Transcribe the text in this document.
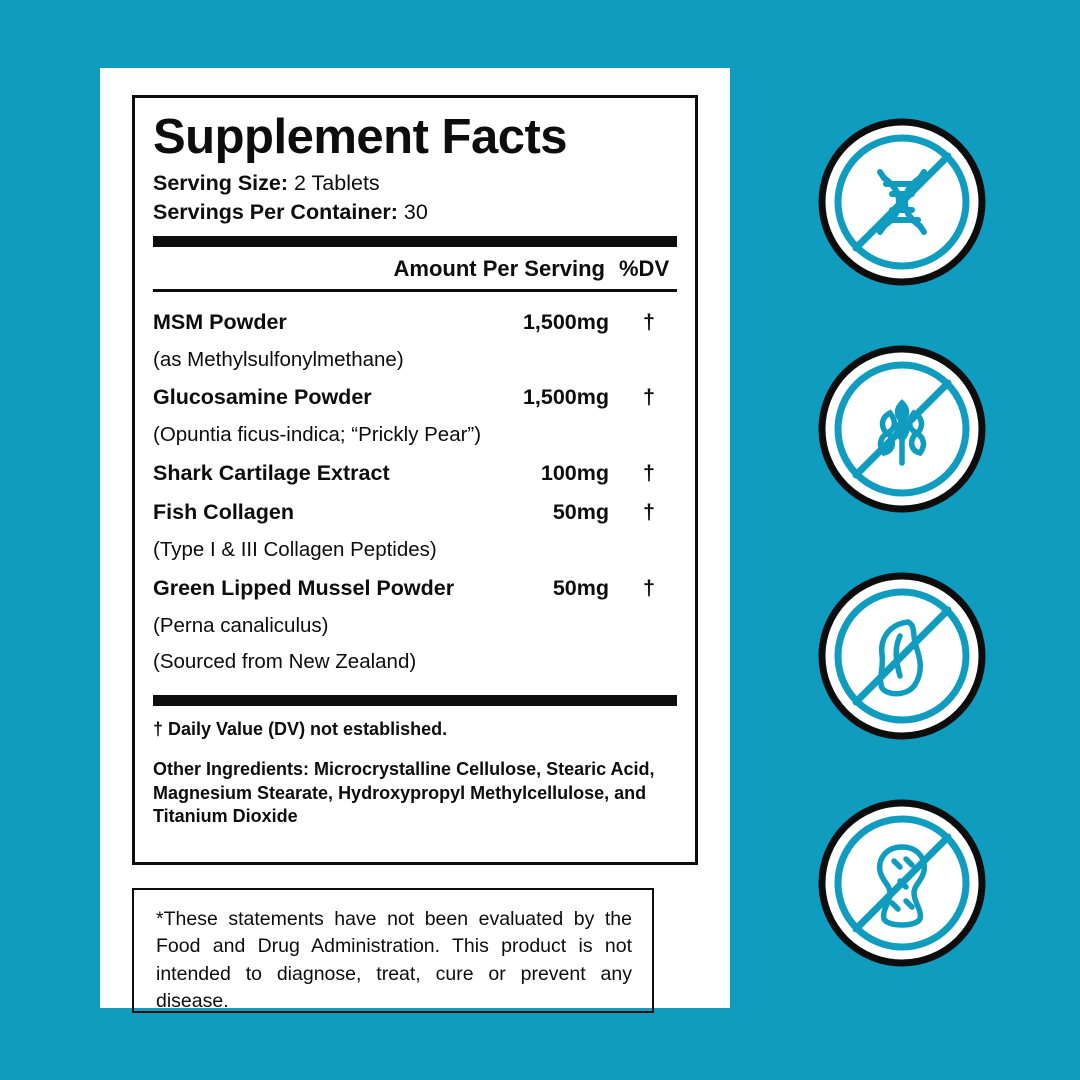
Supplement Facts
Serving Size: 2 Tablets
Servings Per Container: 30
Amount Per Serving %DV
MSM Powder	1,500mg	†
(as Methylsulfonylmethane)		
Glucosamine Powder	1,500mg	†
(Opuntia ficus-indica; “Prickly Pear”)		
Shark Cartilage Extract	100mg	†
Fish Collagen	50mg	†
(Type I & III Collagen Peptides)		
Green Lipped Mussel Powder	50mg	†
(Perna canaliculus)		
(Sourced from New Zealand)		
† Daily Value (DV) not established.
Other Ingredients: Microcrystalline Cellulose, Stearic Acid, Magnesium Stearate, Hydroxypropyl Methylcellulose, and Titanium Dioxide

*These statements have not been evaluated by the Food and Drug Administration. This product is not intended to diagnose, treat, cure or prevent any disease.
